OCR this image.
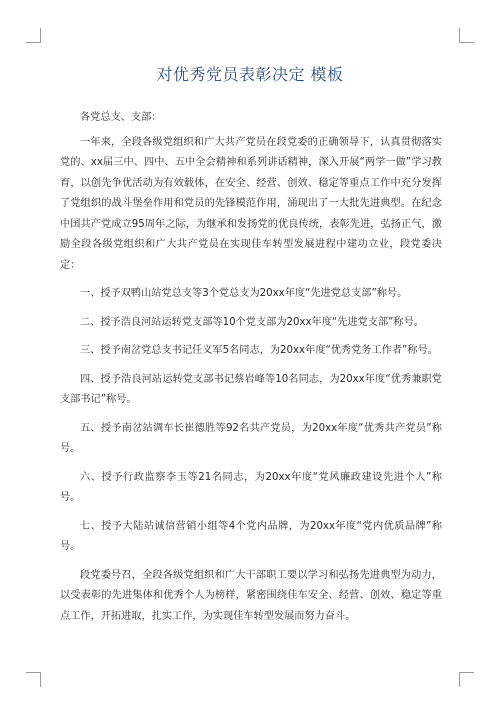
对优秀党员表彰决定 模板

各党总支、支部：

一年来，全段各级党组织和广大共产党员在段党委的正确领导下，认真贯彻落实党的、xx届三中、四中、五中全会精神和系列讲话精神，深入开展“两学一做”学习教育，以创先争优活动为有效载体，在安全、经营、创效、稳定等重点工作中充分发挥了党组织的战斗堡垒作用和党员的先锋模范作用，涌现出了一大批先进典型。在纪念中国共产党成立95周年之际，为继承和发扬党的优良传统，表彰先进，弘扬正气，激励全段各级党组织和广大共产党员在实现佳车转型发展进程中建功立业，段党委决定：

一、授予双鸭山站党总支等3个党总支为20xx年度“先进党总支部”称号。

二、授予浩良河站运转党支部等10个党支部为20xx年度“先进党支部”称号。

三、授予南岔党总支书记任义军5名同志，为20xx年度“优秀党务工作者”称号。

四、授予浩良河站运转党支部书记蔡岩峰等10名同志，为20xx年度“优秀兼职党支部书记”称号。

五、授予南岔站调车长崔德胜等92名共产党员，为20xx年度“优秀共产党员”称号。

六、授予行政监察李玉等21名同志，为20xx年度“党风廉政建设先进个人”称号。

七、授予大陆站诚信营销小组等4个党内品牌，为20xx年度“党内优质品牌”称号。

段党委号召，全段各级党组织和广大干部职工要以学习和弘扬先进典型为动力，以受表彰的先进集体和优秀个人为榜样，紧密围绕佳车安全、经营、创效、稳定等重点工作，开拓进取，扎实工作，为实现佳车转型发展而努力奋斗。
